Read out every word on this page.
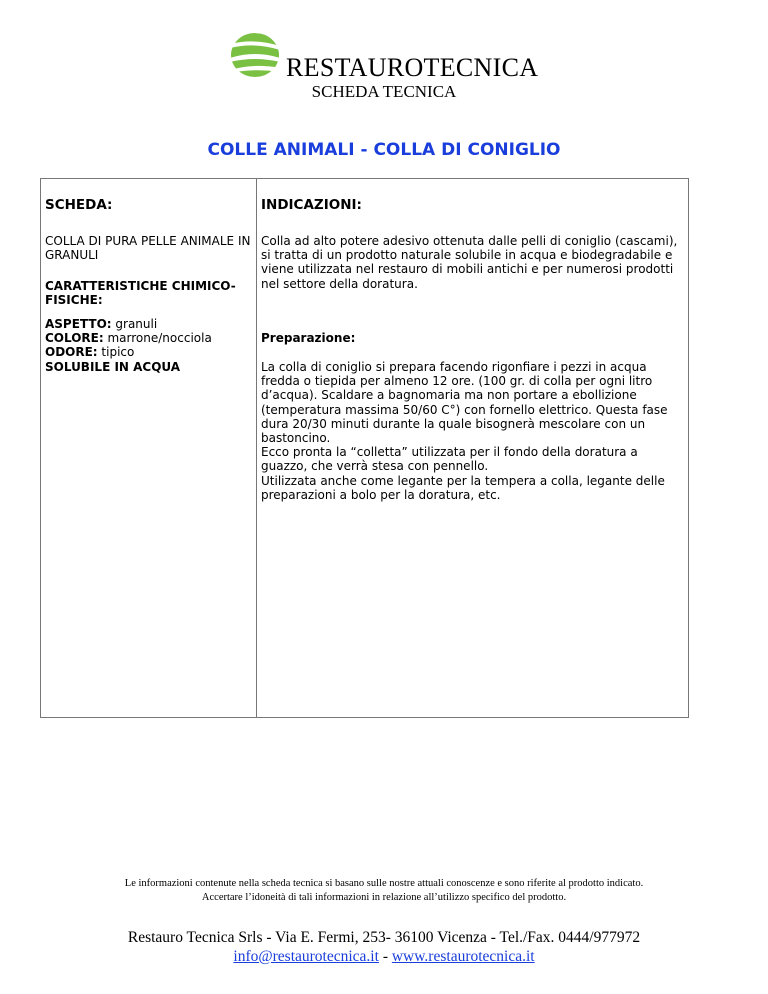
RESTAUROTECNICA
SCHEDA TECNICA
COLLE ANIMALI - COLLA DI CONIGLIO
SCHEDA:
COLLA DI PURA PELLE ANIMALE IN GRANULI
CARATTERISTICHE CHIMICO-FISICHE:
ASPETTO: granuli
COLORE: marrone/nocciola
ODORE: tipico
SOLUBILE IN ACQUA
INDICAZIONI:
Colla ad alto potere adesivo ottenuta dalle pelli di coniglio (cascami), si tratta di un prodotto naturale solubile in acqua e biodegradabile e viene utilizzata nel restauro di mobili antichi e per numerosi prodotti nel settore della doratura.
Preparazione:
La colla di coniglio si prepara facendo rigonfiare i pezzi in acqua fredda o tiepida per almeno 12 ore. (100 gr. di colla per ogni litro d’acqua). Scaldare a bagnomaria ma non portare a ebollizione (temperatura massima 50/60 C°) con fornello elettrico. Questa fase dura 20/30 minuti durante la quale bisognerà mescolare con un bastoncino.
Ecco pronta la “colletta” utilizzata per il fondo della doratura a guazzo, che verrà stesa con pennello.
Utilizzata anche come legante per la tempera a colla, legante delle preparazioni a bolo per la doratura, etc.
Le informazioni contenute nella scheda tecnica si basano sulle nostre attuali conoscenze e sono riferite al prodotto indicato.
Accertare l’idoneità di tali informazioni in relazione all’utilizzo specifico del prodotto.
Restauro Tecnica Srls - Via E. Fermi, 253- 36100 Vicenza - Tel./Fax. 0444/977972
info@restaurotecnica.it - www.restaurotecnica.it
